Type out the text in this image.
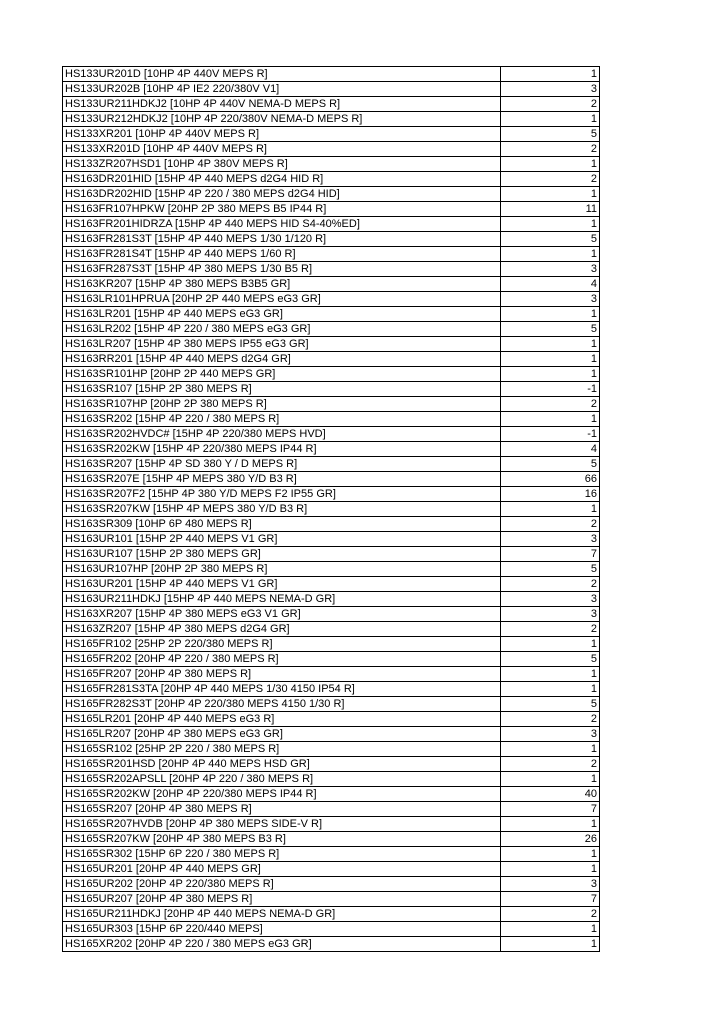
HS133UR201D [10HP 4P 440V MEPS R]	1
HS133UR202B [10HP 4P IE2 220/380V V1]	3
HS133UR211HDKJ2 [10HP 4P 440V NEMA-D MEPS R]	2
HS133UR212HDKJ2 [10HP 4P 220/380V NEMA-D MEPS R]	1
HS133XR201 [10HP 4P 440V MEPS R]	5
HS133XR201D [10HP 4P 440V MEPS R]	2
HS133ZR207HSD1 [10HP 4P 380V MEPS R]	1
HS163DR201HID [15HP 4P 440 MEPS d2G4 HID R]	2
HS163DR202HID [15HP 4P 220 / 380 MEPS d2G4 HID]	1
HS163FR107HPKW [20HP 2P 380 MEPS B5 IP44 R]	11
HS163FR201HIDRZA [15HP 4P 440 MEPS HID S4-40%ED]	1
HS163FR281S3T [15HP 4P 440 MEPS 1/30 1/120 R]	5
HS163FR281S4T [15HP 4P 440 MEPS 1/60 R]	1
HS163FR287S3T [15HP 4P 380 MEPS 1/30 B5 R]	3
HS163KR207 [15HP 4P 380 MEPS B3B5 GR]	4
HS163LR101HPRUA [20HP 2P 440 MEPS eG3 GR]	3
HS163LR201 [15HP 4P 440 MEPS eG3 GR]	1
HS163LR202 [15HP 4P 220 / 380 MEPS eG3 GR]	5
HS163LR207 [15HP 4P 380 MEPS IP55 eG3 GR]	1
HS163RR201 [15HP 4P 440 MEPS d2G4 GR]	1
HS163SR101HP [20HP 2P 440 MEPS GR]	1
HS163SR107 [15HP 2P 380 MEPS R]	-1
HS163SR107HP [20HP 2P 380 MEPS R]	2
HS163SR202 [15HP 4P 220 / 380 MEPS R]	1
HS163SR202HVDC# [15HP 4P 220/380 MEPS HVD]	-1
HS163SR202KW [15HP 4P 220/380 MEPS IP44 R]	4
HS163SR207 [15HP 4P SD 380 Y / D MEPS R]	5
HS163SR207E [15HP 4P MEPS 380 Y/D B3 R]	66
HS163SR207F2 [15HP 4P 380 Y/D MEPS F2 IP55 GR]	16
HS163SR207KW [15HP 4P MEPS 380 Y/D B3 R]	1
HS163SR309 [10HP 6P 480 MEPS R]	2
HS163UR101 [15HP 2P 440 MEPS V1 GR]	3
HS163UR107 [15HP 2P 380 MEPS GR]	7
HS163UR107HP [20HP 2P 380 MEPS R]	5
HS163UR201 [15HP 4P 440 MEPS V1 GR]	2
HS163UR211HDKJ [15HP 4P 440 MEPS NEMA-D GR]	3
HS163XR207 [15HP 4P 380 MEPS eG3 V1 GR]	3
HS163ZR207 [15HP 4P 380 MEPS d2G4 GR]	2
HS165FR102 [25HP 2P 220/380 MEPS R]	1
HS165FR202 [20HP 4P 220 / 380 MEPS R]	5
HS165FR207 [20HP 4P 380 MEPS R]	1
HS165FR281S3TA [20HP 4P 440 MEPS 1/30 4150 IP54 R]	1
HS165FR282S3T [20HP 4P 220/380 MEPS 4150 1/30 R]	5
HS165LR201 [20HP 4P 440 MEPS eG3 R]	2
HS165LR207 [20HP 4P 380 MEPS eG3 GR]	3
HS165SR102 [25HP 2P 220 / 380 MEPS R]	1
HS165SR201HSD [20HP 4P 440 MEPS HSD GR]	2
HS165SR202APSLL [20HP 4P 220 / 380 MEPS R]	1
HS165SR202KW [20HP 4P 220/380 MEPS IP44 R]	40
HS165SR207 [20HP 4P 380 MEPS R]	7
HS165SR207HVDB [20HP 4P 380 MEPS SIDE-V R]	1
HS165SR207KW [20HP 4P 380 MEPS B3 R]	26
HS165SR302 [15HP 6P 220 / 380 MEPS R]	1
HS165UR201 [20HP 4P 440 MEPS GR]	1
HS165UR202 [20HP 4P 220/380 MEPS R]	3
HS165UR207 [20HP 4P 380 MEPS R]	7
HS165UR211HDKJ [20HP 4P 440 MEPS NEMA-D GR]	2
HS165UR303 [15HP 6P 220/440 MEPS]	1
HS165XR202 [20HP 4P 220 / 380 MEPS eG3 GR]	1
